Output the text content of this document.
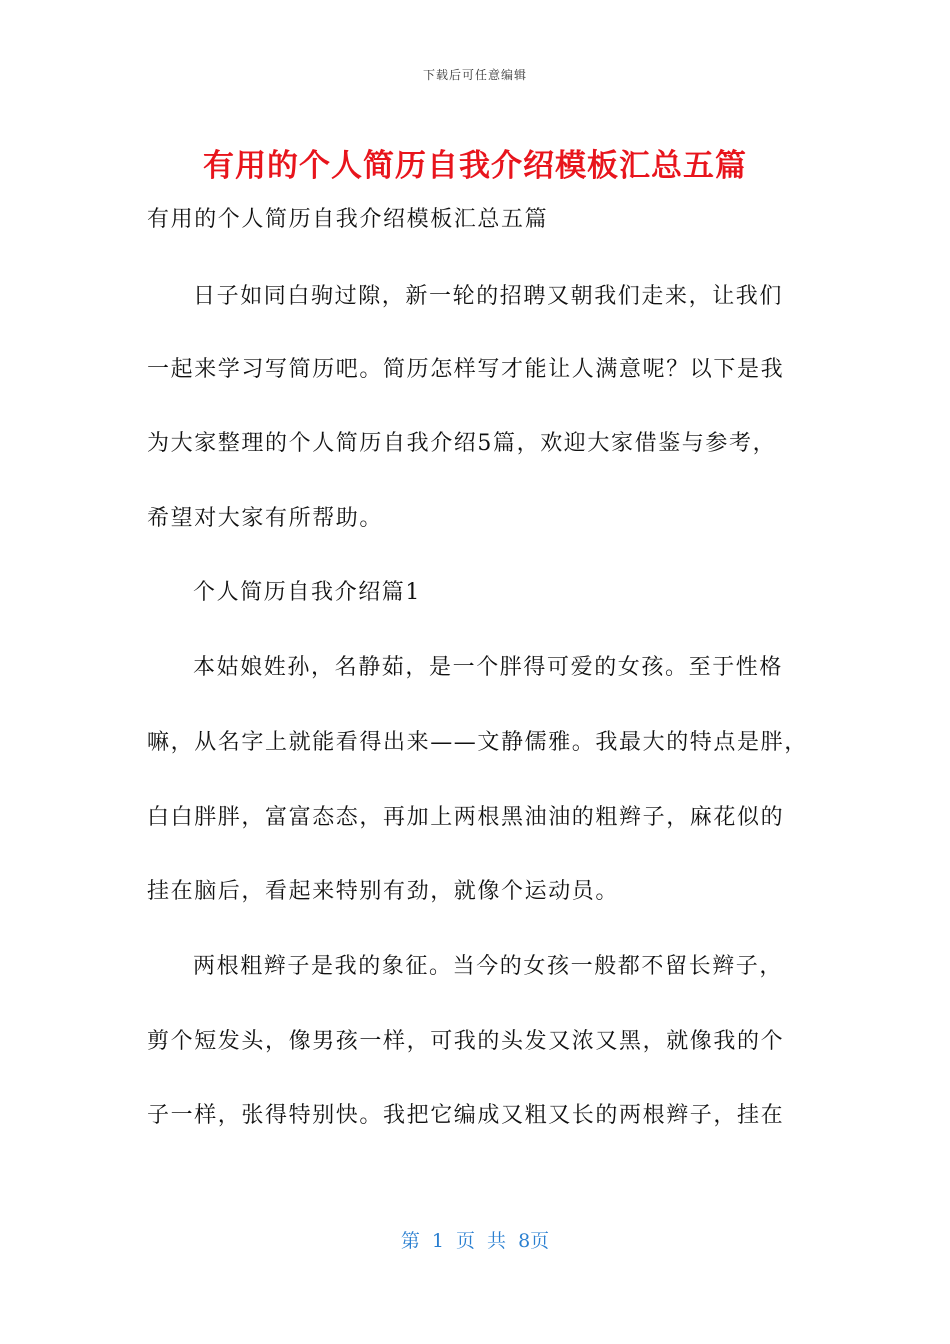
下载后可任意编辑
有用的个人简历自我介绍模板汇总五篇
有用的个人简历自我介绍模板汇总五篇
日子如同白驹过隙，新一轮的招聘又朝我们走来，让我们
一起来学习写简历吧。简历怎样写才能让人满意呢？以下是我
为大家整理的个人简历自我介绍5篇，欢迎大家借鉴与参考，
希望对大家有所帮助。
个人简历自我介绍篇1
本姑娘姓孙，名静茹，是一个胖得可爱的女孩。至于性格
嘛，从名字上就能看得出来——文静儒雅。我最大的特点是胖，
白白胖胖，富富态态，再加上两根黑油油的粗辫子，麻花似的
挂在脑后，看起来特别有劲，就像个运动员。
两根粗辫子是我的象征。当今的女孩一般都不留长辫子，
剪个短发头，像男孩一样，可我的头发又浓又黑，就像我的个
子一样，张得特别快。我把它编成又粗又长的两根辫子，挂在
第 1 页 共 8页
